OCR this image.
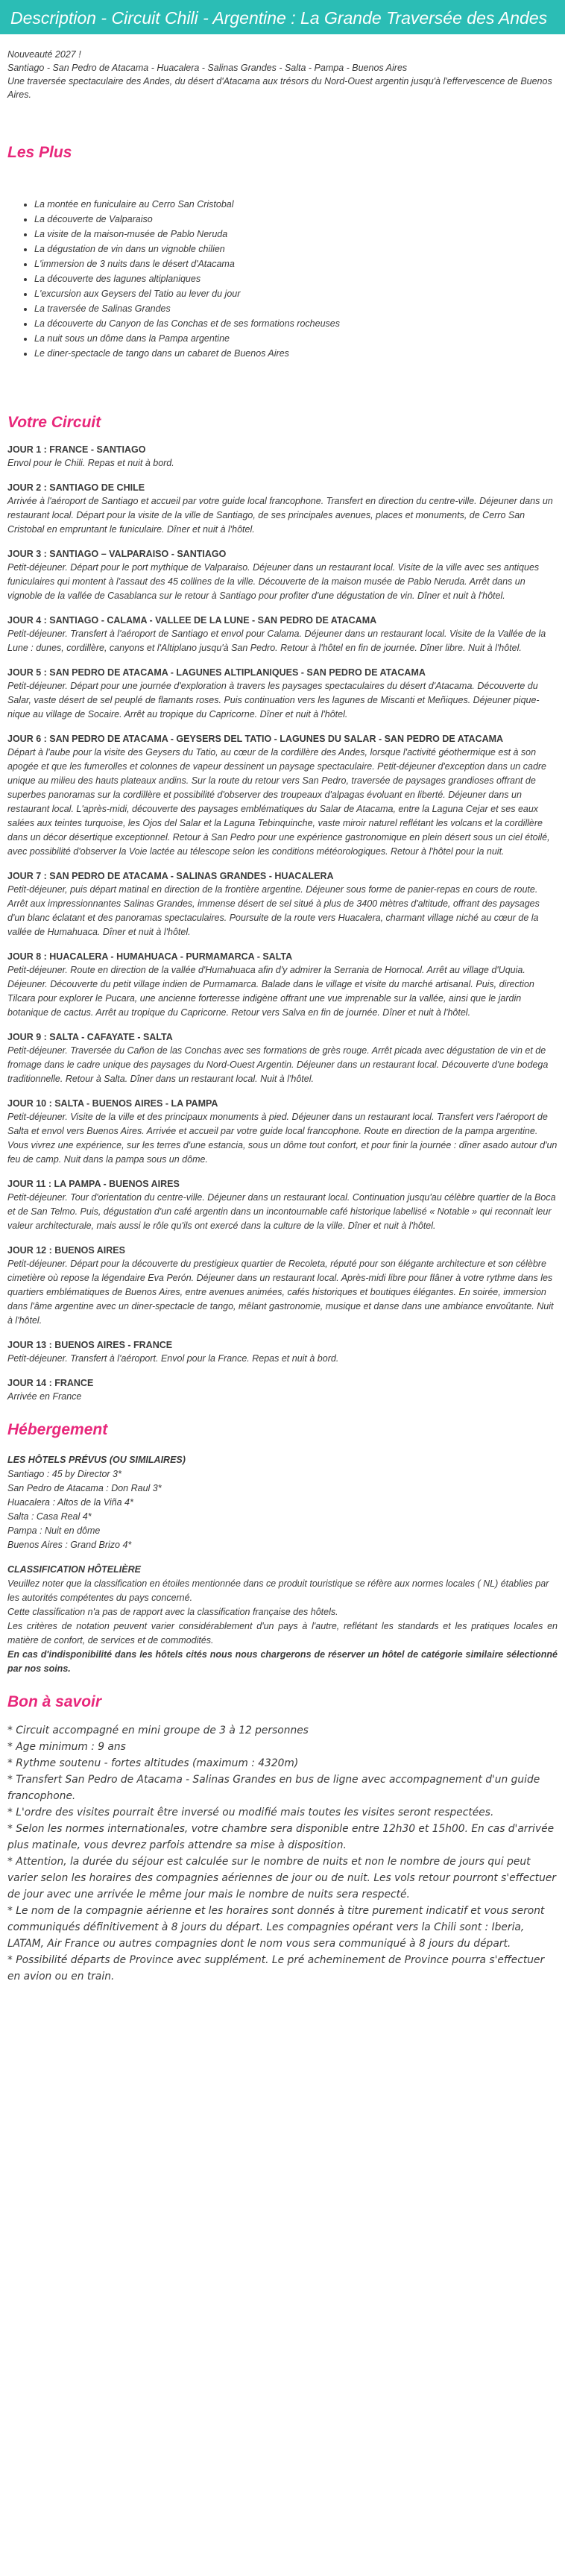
Description - Circuit Chili - Argentine : La Grande Traversée des Andes

Nouveauté 2027 !

Santiago - San Pedro de Atacama - Huacalera - Salinas Grandes - Salta - Pampa - Buenos Aires

Une traversée spectaculaire des Andes, du désert d'Atacama aux trésors du Nord-Ouest argentin jusqu'à l'effervescence de Buenos Aires.

Les Plus
• La montée en funiculaire au Cerro San Cristobal
• La découverte de Valparaiso
• La visite de la maison-musée de Pablo Neruda
• La dégustation de vin dans un vignoble chilien
• L'immersion de 3 nuits dans le désert d'Atacama
• La découverte des lagunes altiplaniques
• L'excursion aux Geysers del Tatio au lever du jour
• La traversée de Salinas Grandes
• La découverte du Canyon de las Conchas et de ses formations rocheuses
• La nuit sous un dôme dans la Pampa argentine
• Le diner-spectacle de tango dans un cabaret de Buenos Aires
Votre Circuit
JOUR 1 : FRANCE - SANTIAGO

Envol pour le Chili. Repas et nuit à bord.

JOUR 2 : SANTIAGO DE CHILE

Arrivée à l'aéroport de Santiago et accueil par votre guide local francophone. Transfert en direction du centre-ville. Déjeuner dans un restaurant local. Départ pour la visite de la ville de Santiago, de ses principales avenues, places et monuments, de Cerro San Cristobal en empruntant le funiculaire. Dîner et nuit à l'hôtel.

JOUR 3 : SANTIAGO – VALPARAISO - SANTIAGO

Petit-déjeuner. Départ pour le port mythique de Valparaiso. Déjeuner dans un restaurant local. Visite de la ville avec ses antiques funiculaires qui montent à l'assaut des 45 collines de la ville. Découverte de la maison musée de Pablo Neruda. Arrêt dans un vignoble de la vallée de Casablanca sur le retour à Santiago pour profiter d'une dégustation de vin. Dîner et nuit à l'hôtel.

JOUR 4 : SANTIAGO - CALAMA - VALLEE DE LA LUNE - SAN PEDRO DE ATACAMA

Petit-déjeuner. Transfert à l'aéroport de Santiago et envol pour Calama. Déjeuner dans un restaurant local. Visite de la Vallée de la Lune : dunes, cordillère, canyons et l'Altiplano jusqu'à San Pedro. Retour à l'hôtel en fin de journée. Dîner libre. Nuit à l'hôtel.

JOUR 5 : SAN PEDRO DE ATACAMA - LAGUNES ALTIPLANIQUES - SAN PEDRO DE ATACAMA

Petit-déjeuner. Départ pour une journée d'exploration à travers les paysages spectaculaires du désert d'Atacama. Découverte du Salar, vaste désert de sel peuplé de flamants roses. Puis continuation vers les lagunes de Miscanti et Meñiques. Déjeuner pique-nique au village de Socaire. Arrêt au tropique du Capricorne. Dîner et nuit à l'hôtel.

JOUR 6 : SAN PEDRO DE ATACAMA - GEYSERS DEL TATIO - LAGUNES DU SALAR - SAN PEDRO DE ATACAMA

Départ à l'aube pour la visite des Geysers du Tatio, au cœur de la cordillère des Andes, lorsque l'activité géothermique est à son apogée et que les fumerolles et colonnes de vapeur dessinent un paysage spectaculaire. Petit-déjeuner d'exception dans un cadre unique au milieu des hauts plateaux andins. Sur la route du retour vers San Pedro, traversée de paysages grandioses offrant de superbes panoramas sur la cordillère et possibilité d'observer des troupeaux d'alpagas évoluant en liberté. Déjeuner dans un restaurant local. L'après-midi, découverte des paysages emblématiques du Salar de Atacama, entre la Laguna Cejar et ses eaux salées aux teintes turquoise, les Ojos del Salar et la Laguna Tebinquinche, vaste miroir naturel reflétant les volcans et la cordillère dans un décor désertique exceptionnel. Retour à San Pedro pour une expérience gastronomique en plein désert sous un ciel étoilé, avec possibilité d'observer la Voie lactée au télescope selon les conditions météorologiques. Retour à l'hôtel pour la nuit.

JOUR 7 : SAN PEDRO DE ATACAMA - SALINAS GRANDES - HUACALERA

Petit-déjeuner, puis départ matinal en direction de la frontière argentine. Déjeuner sous forme de panier-repas en cours de route. Arrêt aux impressionnantes Salinas Grandes, immense désert de sel situé à plus de 3400 mètres d'altitude, offrant des paysages d'un blanc éclatant et des panoramas spectaculaires. Poursuite de la route vers Huacalera, charmant village niché au cœur de la vallée de Humahuaca. Dîner et nuit à l'hôtel.

JOUR 8 : HUACALERA - HUMAHUACA - PURMAMARCA - SALTA

Petit-déjeuner. Route en direction de la vallée d'Humahuaca afin d'y admirer la Serrania de Hornocal. Arrêt au village d'Uquia. Déjeuner. Découverte du petit village indien de Purmamarca. Balade dans le village et visite du marché artisanal. Puis, direction Tilcara pour explorer le Pucara, une ancienne forteresse indigène offrant une vue imprenable sur la vallée, ainsi que le jardin botanique de cactus. Arrêt au tropique du Capricorne. Retour vers Salva en fin de journée. Dîner et nuit à l'hôtel.

JOUR 9 : SALTA - CAFAYATE - SALTA

Petit-déjeuner. Traversée du Cañon de las Conchas avec ses formations de grès rouge. Arrêt picada avec dégustation de vin et de fromage dans le cadre unique des paysages du Nord-Ouest Argentin. Déjeuner dans un restaurant local. Découverte d'une bodega traditionnelle. Retour à Salta. Dîner dans un restaurant local. Nuit à l'hôtel.

JOUR 10 : SALTA - BUENOS AIRES - LA PAMPA

Petit-déjeuner. Visite de la ville et des principaux monuments à pied. Déjeuner dans un restaurant local. Transfert vers l'aéroport de Salta et envol vers Buenos Aires. Arrivée et accueil par votre guide local francophone. Route en direction de la pampa argentine. Vous vivrez une expérience, sur les terres d'une estancia, sous un dôme tout confort, et pour finir la journée : dîner asado autour d'un feu de camp. Nuit dans la pampa sous un dôme.

JOUR 11 : LA PAMPA - BUENOS AIRES

Petit-déjeuner. Tour d'orientation du centre-ville. Déjeuner dans un restaurant local. Continuation jusqu'au célèbre quartier de la Boca et de San Telmo. Puis, dégustation d'un café argentin dans un incontournable café historique labellisé « Notable » qui reconnait leur valeur architecturale, mais aussi le rôle qu'ils ont exercé dans la culture de la ville. Dîner et nuit à l'hôtel.

JOUR 12 : BUENOS AIRES

Petit-déjeuner. Départ pour la découverte du prestigieux quartier de Recoleta, réputé pour son élégante architecture et son célèbre cimetière où repose la légendaire Eva Perón. Déjeuner dans un restaurant local. Après-midi libre pour flâner à votre rythme dans les quartiers emblématiques de Buenos Aires, entre avenues animées, cafés historiques et boutiques élégantes. En soirée, immersion dans l'âme argentine avec un diner-spectacle de tango, mêlant gastronomie, musique et danse dans une ambiance envoûtante. Nuit à l'hôtel.

JOUR 13 : BUENOS AIRES - FRANCE

Petit-déjeuner. Transfert à l'aéroport. Envol pour la France. Repas et nuit à bord.

JOUR 14 : FRANCE

Arrivée en France

Hébergement

LES HÔTELS PRÉVUS (OU SIMILAIRES)

Santiago : 45 by Director 3*

San Pedro de Atacama : Don Raul 3*

Huacalera : Altos de la Viña 4*

Salta : Casa Real 4*

Pampa : Nuit en dôme

Buenos Aires : Grand Brizo 4*

CLASSIFICATION HÔTELIÈRE

Veuillez noter que la classification en étoiles mentionnée dans ce produit touristique se réfère aux normes locales ( NL) établies par les autorités compétentes du pays concerné.

Cette classification n'a pas de rapport avec la classification française des hôtels.

Les critères de notation peuvent varier considérablement d'un pays à l'autre, reflétant les standards et les pratiques locales en matière de confort, de services et de commodités.

En cas d'indisponibilité dans les hôtels cités nous nous chargerons de réserver un hôtel de catégorie similaire sélectionné par nos soins.

Bon à savoir

* Circuit accompagné en mini groupe de 3 à 12 personnes

* Age minimum : 9 ans

* Rythme soutenu - fortes altitudes (maximum : 4320m)

* Transfert San Pedro de Atacama - Salinas Grandes en bus de ligne avec accompagnement d'un guide francophone.

* L'ordre des visites pourrait être inversé ou modifié mais toutes les visites seront respectées.

* Selon les normes internationales, votre chambre sera disponible entre 12h30 et 15h00. En cas d'arrivée plus matinale, vous devrez parfois attendre sa mise à disposition.

* Attention, la durée du séjour est calculée sur le nombre de nuits et non le nombre de jours qui peut varier selon les horaires des compagnies aériennes de jour ou de nuit. Les vols retour pourront s'effectuer de jour avec une arrivée le même jour mais le nombre de nuits sera respecté.

* Le nom de la compagnie aérienne et les horaires sont donnés à titre purement indicatif et vous seront communiqués définitivement à 8 jours du départ. Les compagnies opérant vers la Chili sont : Iberia, LATAM, Air France ou autres compagnies dont le nom vous sera communiqué à 8 jours du départ.

* Possibilité départs de Province avec supplément. Le pré acheminement de Province pourra s'effectuer en avion ou en train.
